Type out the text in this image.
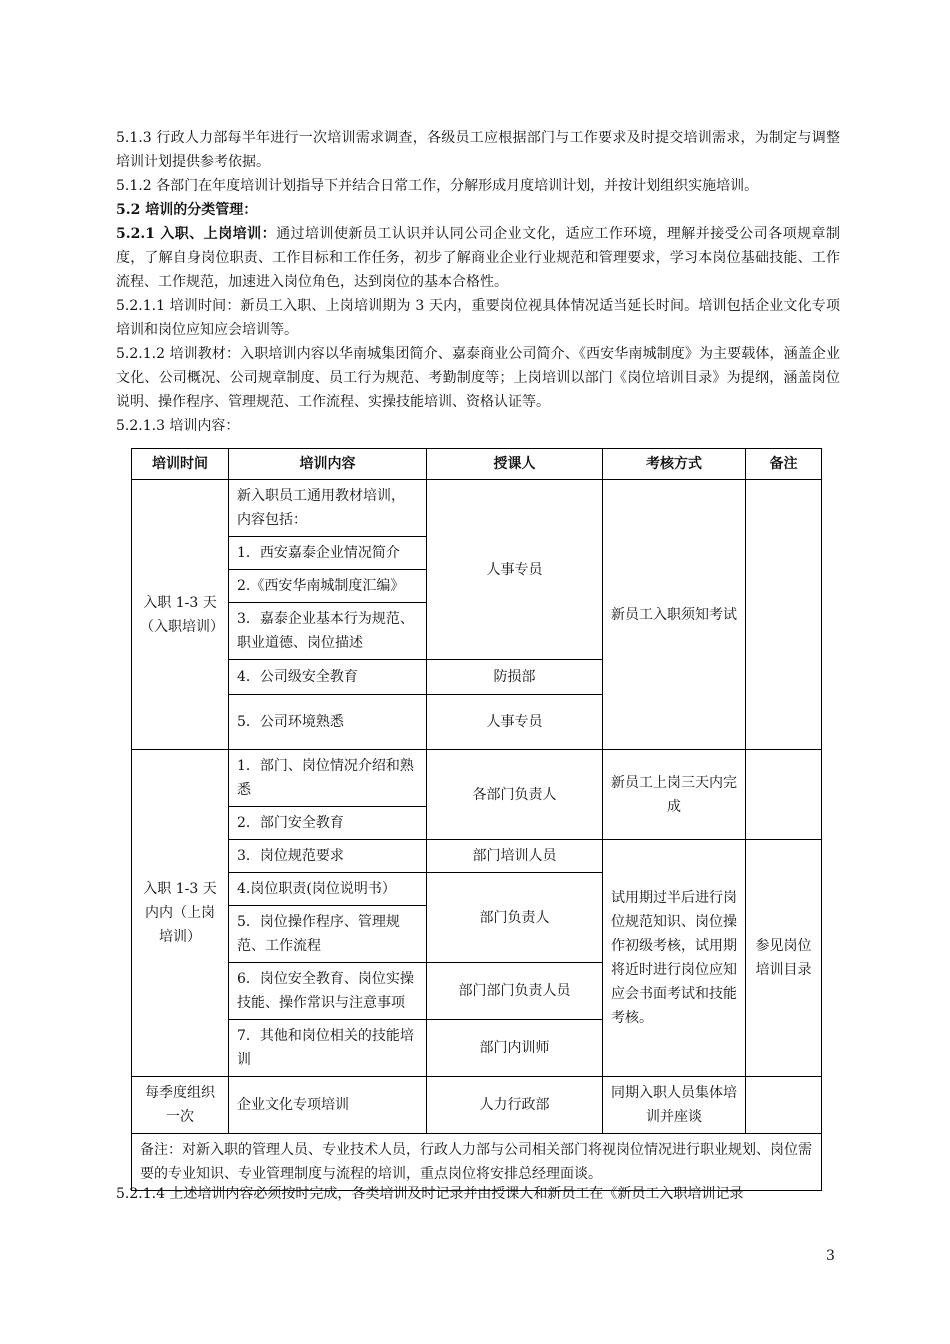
5.1.3 行政人力部每半年进行一次培训需求调查，各级员工应根据部门与工作要求及时提交培训需求，为制定与调整培训计划提供参考依据。

5.1.2 各部门在年度培训计划指导下并结合日常工作，分解形成月度培训计划，并按计划组织实施培训。

5.2 培训的分类管理：

5.2.1 入职、上岗培训：通过培训使新员工认识并认同公司企业文化，适应工作环境，理解并接受公司各项规章制度，了解自身岗位职责、工作目标和工作任务，初步了解商业企业行业规范和管理要求，学习本岗位基础技能、工作流程、工作规范，加速进入岗位角色，达到岗位的基本合格性。

5.2.1.1 培训时间：新员工入职、上岗培训期为 3 天内，重要岗位视具体情况适当延长时间。培训包括企业文化专项培训和岗位应知应会培训等。

5.2.1.2 培训教材：入职培训内容以华南城集团简介、嘉泰商业公司简介、《西安华南城制度》为主要载体，涵盖企业文化、公司概况、公司规章制度、员工行为规范、考勤制度等；上岗培训以部门《岗位培训目录》为提纲，涵盖岗位说明、操作程序、管理规范、工作流程、实操技能培训、资格认证等。

5.2.1.3 培训内容：

培训时间	培训内容	授课人	考核方式	备注
入职 1-3 天（入职培训）	新入职员工通用教材培训，内容包括：	人事专员	新员工入职须知考试	
	1．西安嘉泰企业情况简介			
	2.《西安华南城制度汇编》			
	3．嘉泰企业基本行为规范、职业道德、岗位描述			
	4．公司级安全教育	防损部		
	5．公司环境熟悉	人事专员		
入职 1-3 天内内（上岗培训）	1．部门、岗位情况介绍和熟悉	各部门负责人	新员工上岗三天内完成	
	2．部门安全教育			
	3．岗位规范要求	部门培训人员	试用期过半后进行岗位规范知识、岗位操作初级考核，试用期将近时进行岗位应知应会书面考试和技能考核。	参见岗位培训目录
	4.岗位职责(岗位说明书）	部门负责人		
	5．岗位操作程序、管理规范、工作流程			
	6．岗位安全教育、岗位实操技能、操作常识与注意事项	部门部门负责人员		
	7．其他和岗位相关的技能培训	部门内训师		
每季度组织一次	企业文化专项培训	人力行政部	同期入职人员集体培训并座谈	
备注：对新入职的管理人员、专业技术人员，行政人力部与公司相关部门将视岗位情况进行职业规划、岗位需要的专业知识、专业管理制度与流程的培训，重点岗位将安排总经理面谈。				

5.2.1.4 上述培训内容必须按时完成，各类培训及时记录并由授课人和新员工在《新员工入职培训记录

3
